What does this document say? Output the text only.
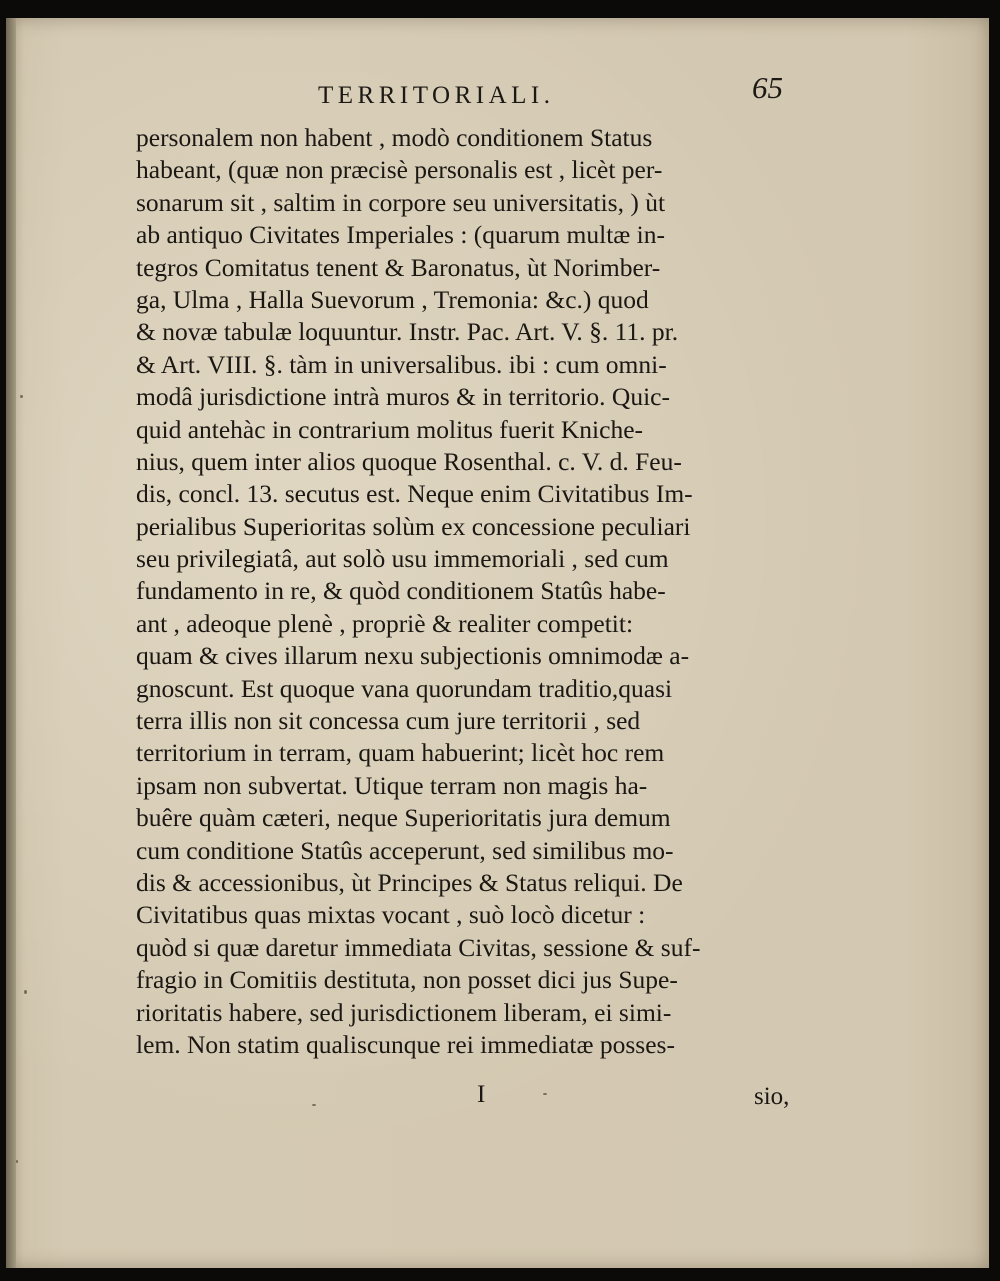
TERRITORIALI.	65
personalem non habent , modò conditionem Status
habeant, (quæ non præcisè personalis est , licèt per-
sonarum sit , saltim in corpore seu universitatis, ) ùt
ab antiquo Civitates Imperiales : (quarum multæ in-
tegros Comitatus tenent & Baronatus, ùt Norimber-
ga, Ulma , Halla Suevorum , Tremonia: &c.) quod
& novæ tabulæ loquuntur. Instr. Pac. Art. V. §. 11. pr.
& Art. VIII. §. tàm in universalibus. ibi : cum omni-
modâ jurisdictione intrà muros & in territorio. Quic-
quid antehàc in contrarium molitus fuerit Kniche-
nius, quem inter alios quoque Rosenthal. c. V. d. Feu-
dis, concl. 13. secutus est. Neque enim Civitatibus Im-
perialibus Superioritas solùm ex concessione peculiari
seu privilegiatâ, aut solò usu immemoriali , sed cum
fundamento in re, & quòd conditionem Statûs habe-
ant , adeoque plenè , propriè & realiter competit:
quam & cives illarum nexu subjectionis omnimodæ a-
gnoscunt. Est quoque vana quorundam traditio,quasi
terra illis non sit concessa cum jure territorii , sed
territorium in terram, quam habuerint; licèt hoc rem
ipsam non subvertat. Utique terram non magis ha-
buêre quàm cæteri, neque Superioritatis jura demum
cum conditione Statûs acceperunt, sed similibus mo-
dis & accessionibus, ùt Principes & Status reliqui. De
Civitatibus quas mixtas vocant , suò locò dicetur :
quòd si quæ daretur immediata Civitas, sessione & suf-
fragio in Comitiis destituta, non posset dici jus Supe-
rioritatis habere, sed jurisdictionem liberam, ei simi-
lem. Non statim qualiscunque rei immediatæ posses-
I	sio,
